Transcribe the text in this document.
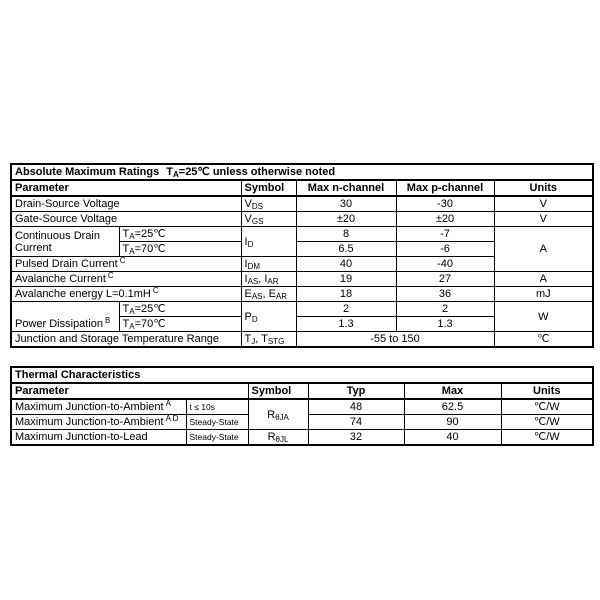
Absolute Maximum Ratings $T_A=25℃$ unless otherwise noted					
Parameter		Symbol	Max n-channel	Max p-channel	Units
Drain-Source Voltage		$V_{DS}$	30	-30	V
Gate-Source Voltage		$V_{GS}$	±20	±20	V
Continuous Drain Current	$T_A=25℃$	$I_D$	8	-7	A
	$T_A=70℃$		6.5	-6	
Pulsed Drain Current $^C$		$I_{DM}$	40	-40	
Avalanche Current $^C$		$I_{AS}$, $I_{AR}$	19	27	A
Avalanche energy L=0.1mH $^C$		$E_{AS}$, $E_{AR}$	18	36	mJ
Power Dissipation $^B$	$T_A=25℃$	$P_D$	2	2	W
	$T_A=70℃$		1.3	1.3	
Junction and Storage Temperature Range		$T_J$, $T_{STG}$	-55 to 150		℃
Thermal Characteristics					
Parameter		Symbol	Typ	Max	Units
Maximum Junction-to-Ambient $^A$	t ≤ 10s	$R_{\theta JA}$	48	62.5	℃/W
Maximum Junction-to-Ambient $^{A D}$	Steady-State		74	90	℃/W
Maximum Junction-to-Lead	Steady-State	$R_{\theta JL}$	32	40	℃/W
